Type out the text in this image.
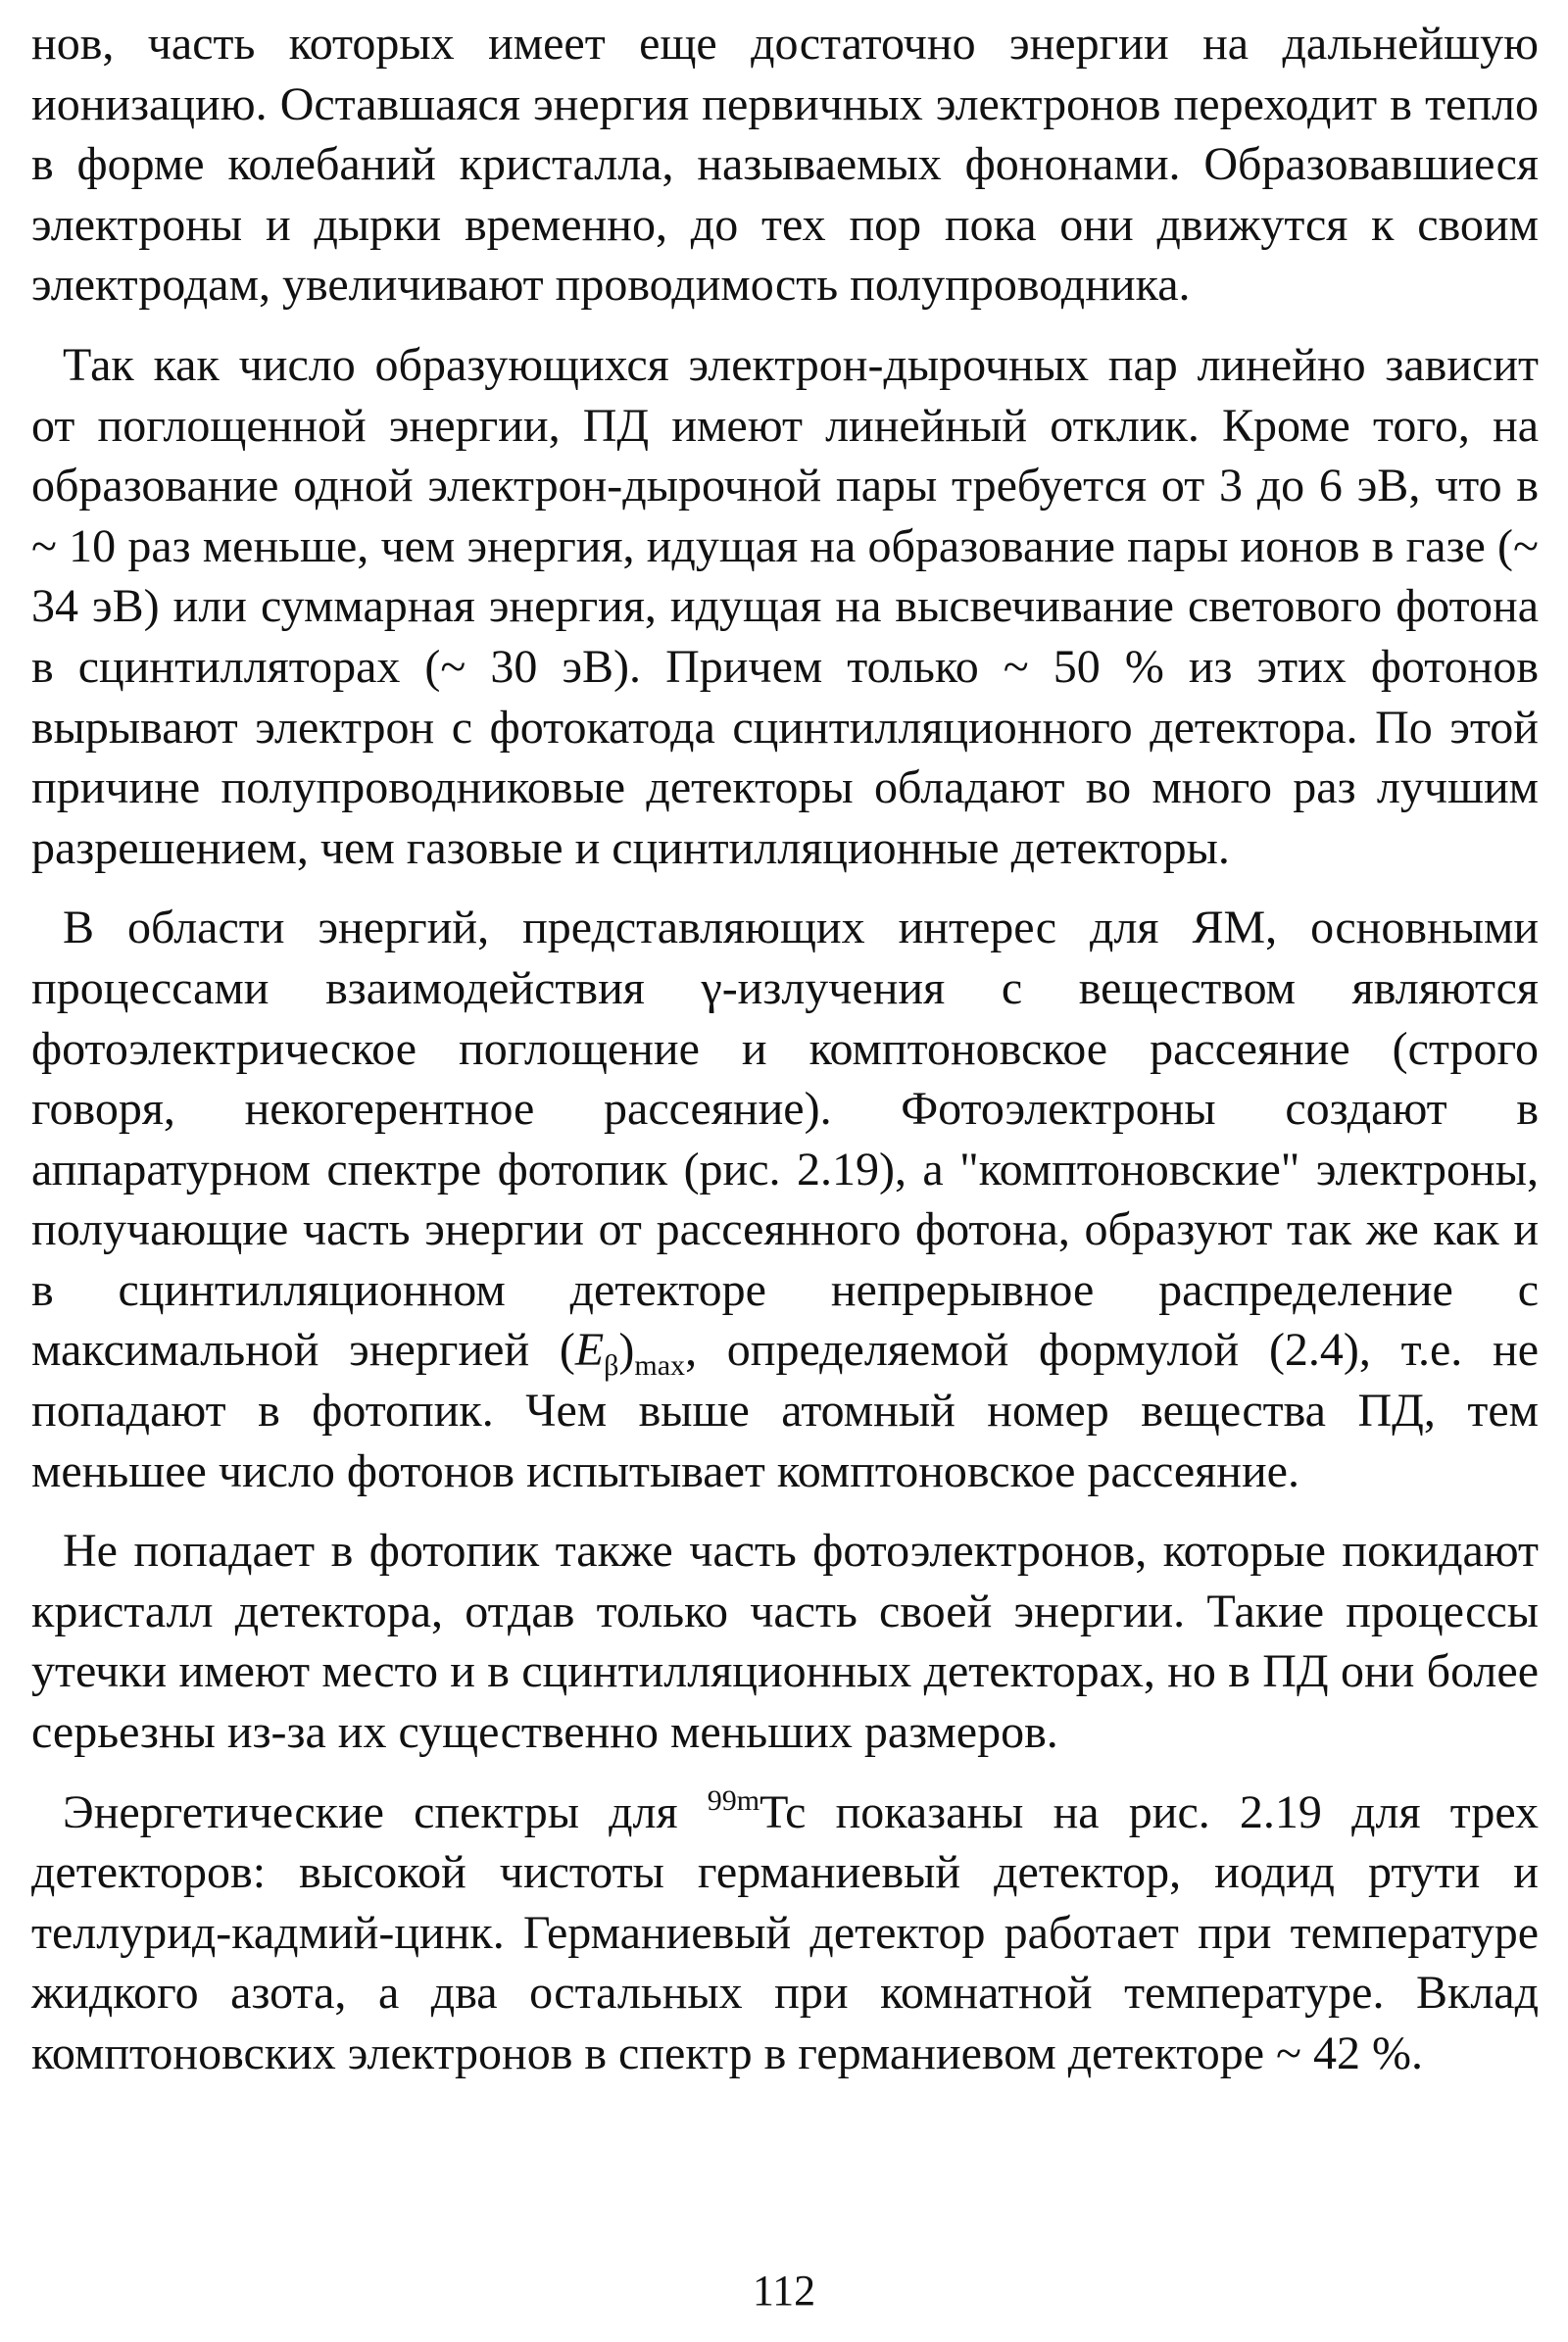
нов, часть которых имеет еще достаточно энергии на дальнейшую ионизацию. Оставшаяся энергия первичных электронов переходит в тепло в форме колебаний кристалла, называемых фононами. Образовавшиеся электроны и дырки временно, до тех пор пока они движутся к своим электродам, увеличивают проводимость полупроводника.

Так как число образующихся электрон-дырочных пар линейно зависит от поглощенной энергии, ПД имеют линейный отклик. Кроме того, на образование одной электрон-дырочной пары требуется от 3 до 6 эВ, что в ~ 10 раз меньше, чем энергия, идущая на образование пары ионов в газе (~ 34 эВ) или суммарная энергия, идущая на высвечивание светового фотона в сцинтилляторах (~ 30 эВ). Причем только ~ 50 % из этих фотонов вырывают электрон с фотокатода сцинтилляционного детектора. По этой причине полупроводниковые детекторы обладают во много раз лучшим разрешением, чем газовые и сцинтилляционные детекторы.

В области энергий, представляющих интерес для ЯМ, основными процессами взаимодействия γ-излучения с веществом являются фотоэлектрическое поглощение и комптоновское рассеяние (строго говоря, некогерентное рассеяние). Фотоэлектроны создают в аппаратурном спектре фотопик (рис. 2.19), а "комптоновские" электроны, получающие часть энергии от рассеянного фотона, образуют так же как и в сцинтилляционном детекторе непрерывное распределение с максимальной энергией $(E_\beta)_{max}$, определяемой формулой (2.4), т.е. не попадают в фотопик. Чем выше атомный номер вещества ПД, тем меньшее число фотонов испытывает комптоновское рассеяние.

Не попадает в фотопик также часть фотоэлектронов, которые покидают кристалл детектора, отдав только часть своей энергии. Такие процессы утечки имеют место и в сцинтилляционных детекторах, но в ПД они более серьезны из-за их существенно меньших размеров.

Энергетические спектры для $^{99m}$Tc показаны на рис. 2.19 для трех детекторов: высокой чистоты германиевый детектор, иодид ртути и теллурид-кадмий-цинк. Германиевый детектор работает при температуре жидкого азота, а два остальных при комнатной температуре. Вклад комптоновских электронов в спектр в германиевом детекторе ~ 42 %.

112
